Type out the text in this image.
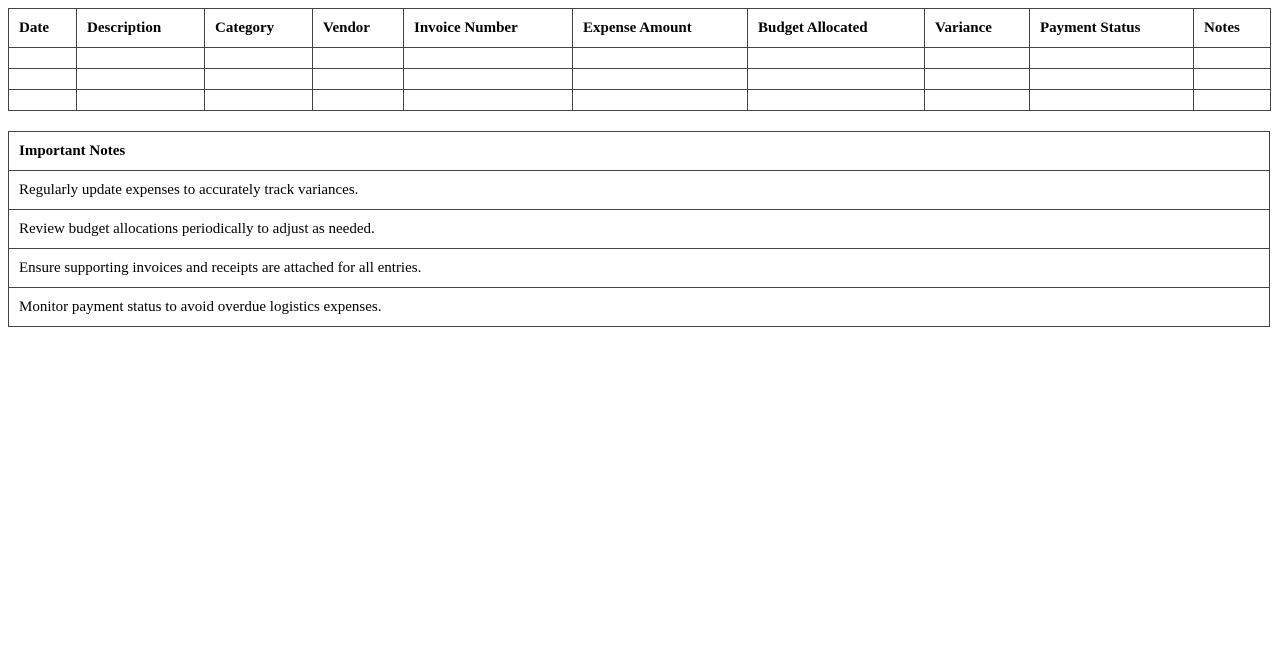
Date	Description	Category	Vendor	Invoice Number	Expense Amount	Budget Allocated	Variance	Payment Status	Notes

Important Notes
Regularly update expenses to accurately track variances.
Review budget allocations periodically to adjust as needed.
Ensure supporting invoices and receipts are attached for all entries.
Monitor payment status to avoid overdue logistics expenses.
